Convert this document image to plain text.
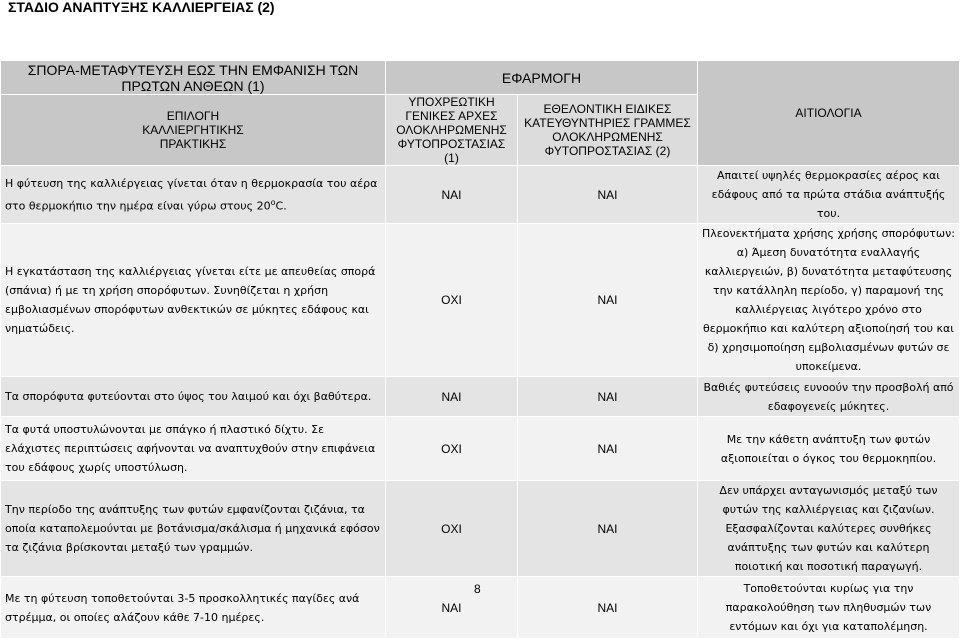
ΣΤΑΔΙΟ ΑΝΑΠΤΥΞΗΣ ΚΑΛΛΙΕΡΓΕΙΑΣ (2)
ΣΠΟΡΑ-ΜΕΤΑΦΥΤΕΥΣΗ ΕΩΣ ΤΗΝ ΕΜΦΑΝΙΣΗ ΤΩΝ ΠΡΩΤΩΝ ΑΝΘΕΩΝ (1)	ΕΦΑΡΜΟΓΗ		ΑΙΤΙΟΛΟΓΙΑ

ΕΠΙΛΟΓΗ ΚΑΛΛΙΕΡΓΗΤΙΚΗΣ ΠΡΑΚΤΙΚΗΣ	ΥΠΟΧΡΕΩΤΙΚΗ ΓΕΝΙΚΕΣ ΑΡΧΕΣ ΟΛΟΚΛΗΡΩΜΕΝΗΣ ΦΥΤΟΠΡΟΣΤΑΣΙΑΣ (1)	ΕΘΕΛΟΝΤΙΚΗ ΕΙΔΙΚΕΣ ΚΑΤΕΥΘΥΝΤΗΡΙΕΣ ΓΡΑΜΜΕΣ ΟΛΟΚΛΗΡΩΜΕΝΗΣ ΦΥΤΟΠΡΟΣΤΑΣΙΑΣ (2)	
Η φύτευση της καλλιέργειας γίνεται όταν η θερμοκρασία του αέρα στο θερμοκήπιο την ημέρα είναι γύρω στους $20^oC$.	ΝΑΙ	ΝΑΙ	Απαιτεί υψηλές θερμοκρασίες αέρος και εδάφους από τα πρώτα στάδια ανάπτυξής του.
Η εγκατάσταση της καλλιέργειας γίνεται είτε με απευθείας σπορά (σπάνια) ή με τη χρήση σπορόφυτων. Συνηθίζεται η χρήση εμβολιασμένων σπορόφυτων ανθεκτικών σε μύκητες εδάφους και νηματώδεις.	ΟΧΙ	ΝΑΙ	Πλεονεκτήματα χρήσης χρήσης σπορόφυτων: α) Άμεση δυνατότητα εναλλαγής καλλιεργειών, β) δυνατότητα μεταφύτευσης την κατάλληλη περίοδο, γ) παραμονή της καλλιέργειας λιγότερο χρόνο στο θερμοκήπιο και καλύτερη αξιοποίησή του και δ) χρησιμοποίηση εμβολιασμένων φυτών σε υποκείμενα.
Τα σπορόφυτα φυτεύονται στο ύψος του λαιμού και όχι βαθύτερα.	ΝΑΙ	ΝΑΙ	Βαθιές φυτεύσεις ευνοούν την προσβολή από εδαφογενείς μύκητες.
Τα φυτά υποστυλώνονται με σπάγκο ή πλαστικό δίχτυ. Σε ελάχιστες περιπτώσεις αφήνονται να αναπτυχθούν στην επιφάνεια του εδάφους χωρίς υποστύλωση.	ΟΧΙ	ΝΑΙ	Με την κάθετη ανάπτυξη των φυτών αξιοποιείται ο όγκος του θερμοκηπίου.
Την περίοδο της ανάπτυξης των φυτών εμφανίζονται ζιζάνια, τα οποία καταπολεμούνται με βοτάνισμα/σκάλισμα ή μηχανικά εφόσον τα ζιζάνια βρίσκονται μεταξύ των γραμμών.	ΟΧΙ	ΝΑΙ	Δεν υπάρχει ανταγωνισμός μεταξύ των φυτών της καλλιέργειας και ζιζανίων. Εξασφαλίζονται καλύτερες συνθήκες ανάπτυξης των φυτών και καλύτερη ποιοτική και ποσοτική παραγωγή.
Με τη φύτευση τοποθετούνται 3-5 προσκολλητικές παγίδες ανά στρέμμα, οι οποίες αλάζουν κάθε 7-10 ημέρες.	ΝΑΙ	ΝΑΙ	Τοποθετούνται κυρίως για την παρακολούθηση των πληθυσμών των εντόμων και όχι για καταπολέμηση.
8
